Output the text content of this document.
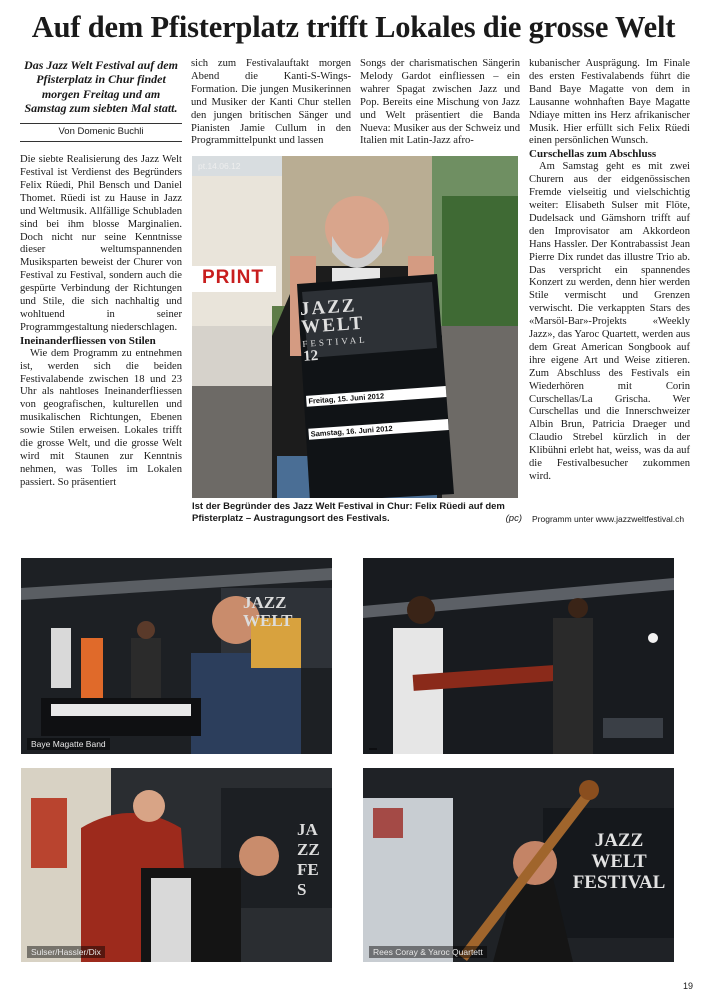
Auf dem Pfisterplatz trifft Lokales die grosse Welt

Das Jazz Welt Festival auf dem Pfisterplatz in Chur findet morgen Freitag und am Samstag zum siebten Mal statt.

Von Domenic Buchli

Die siebte Realisierung des Jazz Welt Festival ist Verdienst des Begründers Felix Rüedi, Phil Bensch und Daniel Thomet. Rüedi ist zu Hause in Jazz und Weltmusik. Allfällige Schubladen sind bei ihm blosse Marginalien. Doch nicht nur seine Kenntnisse dieser weltumspannenden Musiksparten beweist der Churer von Festival zu Festival, sondern auch die gespürte Verbindung der Richtungen und Stile, die sich nachhaltig und wohltuend in seiner Programmgestaltung niederschlagen.

Ineinanderfliessen von Stilen

Wie dem Programm zu entnehmen ist, werden sich die beiden Festivalabende zwischen 18 und 23 Uhr als nahtloses Ineinanderfliessen von geografischen, kulturellen und musikalischen Richtungen, Ebenen sowie Stilen erweisen. Lokales trifft die grosse Welt, und die grosse Welt wird mit Staunen zur Kenntnis nehmen, was Tolles im Lokalen passiert. So präsentiert

sich zum Festivalauftakt morgen Abend die Kanti-S-Wings-Formation. Die jungen Musikerinnen und Musiker der Kanti Chur stellen den jungen britischen Sänger und Pianisten Jamie Cullum in den Programmittelpunkt und lassen

Songs der charismatischen Sängerin Melody Gardot einfliessen – ein wahrer Spagat zwischen Jazz und Pop. Bereits eine Mischung von Jazz und Welt präsentiert die Banda Nueva: Musiker aus der Schweiz und Italien mit Latin-Jazz afro-

kubanischer Ausprägung. Im Finale des ersten Festivalabends führt die Band Baye Magatte von dem in Lausanne wohnhaften Baye Magatte Ndiaye mitten ins Herz afrikanischer Musik. Hier erfüllt sich Felix Rüedi einen persönlichen Wunsch.

Curschellas zum Abschluss

Am Samstag geht es mit zwei Churern aus der eidgenössischen Fremde vielseitig und vielschichtig weiter: Elisabeth Sulser mit Flöte, Dudelsack und Gämshorn trifft auf den Improvisator am Akkordeon Hans Hassler. Der Kontrabassist Jean Pierre Dix rundet das illustre Trio ab. Das verspricht ein spannendes Konzert zu werden, denn hier werden Stile vermischt und Grenzen verwischt. Die verkappten Stars des «Marsöl-Bar»-Projekts «Weekly Jazz», das Yaroc Quartett, werden aus dem Great American Songbook auf ihre eigene Art und Weise zitieren. Zum Abschluss des Festivals ein Wiederhören mit Corin Curschellas/La Grischa. Wer Curschellas und die Innerschweizer Albin Brun, Patricia Draeger und Claudio Strebel kürzlich in der Klibühni erlebt hat, weiss, was da auf die Festivalbesucher zukommen wird.

pt.14.06.12
PRINT
JAZZ
WELT
FESTIVAL
12
Freitag, 15. Juni 2012
Samstag, 16. Juni 2012
Ist der Begründer des Jazz Welt Festival in Chur: Felix Rüedi auf dem Pfisterplatz – Austragungsort des Festivals.	(pc) Programm unter www.jazzweltfestival.ch
JAZZ WELT
Baye Magatte Band
JAZZ FES
Sulser/Hassler/Dix
JAZZ WELT FESTIVAL
Rees Coray & Yaroc Quartett
19
